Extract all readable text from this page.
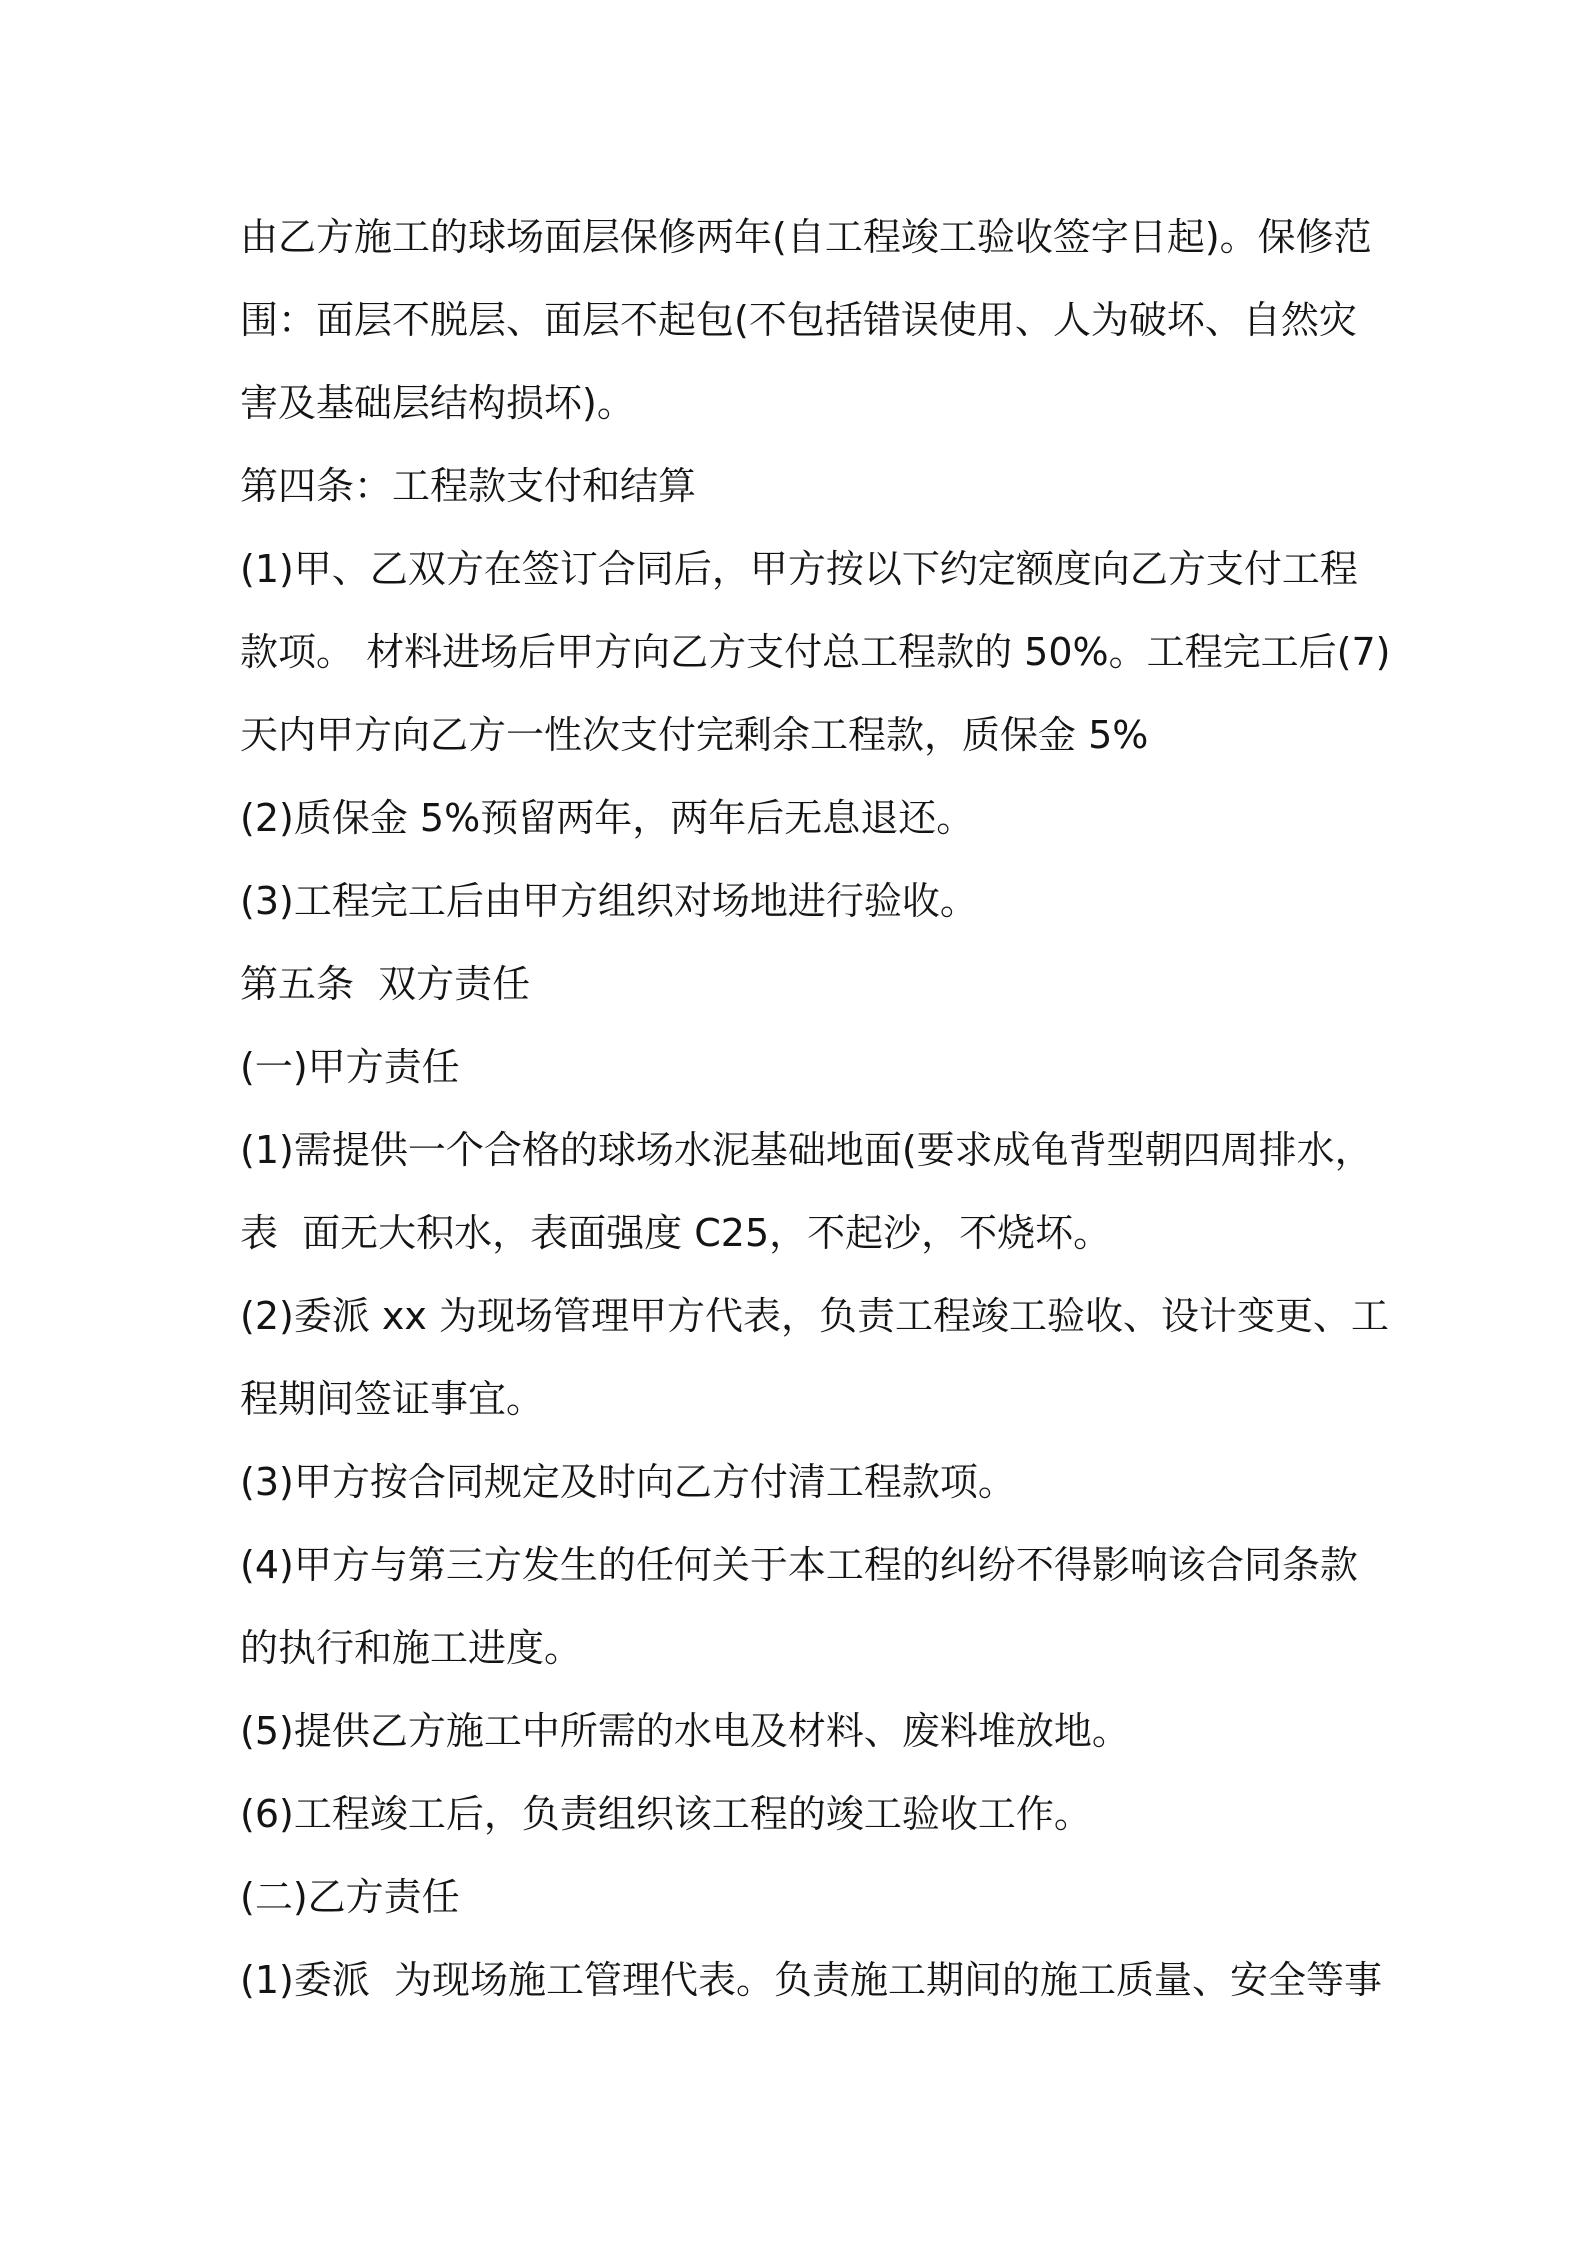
由乙方施工的球场面层保修两年(自工程竣工验收签字日起)。保修范

围：面层不脱层、面层不起包(不包括错误使用、人为破坏、自然灾

害及基础层结构损坏)。

第四条：工程款支付和结算

(1)甲、乙双方在签订合同后，甲方按以下约定额度向乙方支付工程

款项。 材料进场后甲方向乙方支付总工程款的 50%。工程完工后(7)

天内甲方向乙方一性次支付完剩余工程款，质保金 5%

(2)质保金 5%预留两年，两年后无息退还。

(3)工程完工后由甲方组织对场地进行验收。

第五条  双方责任

(一)甲方责任

(1)需提供一个合格的球场水泥基础地面(要求成龟背型朝四周排水，

表  面无大积水，表面强度 C25，不起沙，不烧坏。

(2)委派 xx 为现场管理甲方代表，负责工程竣工验收、设计变更、工

程期间签证事宜。

(3)甲方按合同规定及时向乙方付清工程款项。

(4)甲方与第三方发生的任何关于本工程的纠纷不得影响该合同条款

的执行和施工进度。

(5)提供乙方施工中所需的水电及材料、废料堆放地。

(6)工程竣工后，负责组织该工程的竣工验收工作。

(二)乙方责任

(1)委派  为现场施工管理代表。负责施工期间的施工质量、安全等事
